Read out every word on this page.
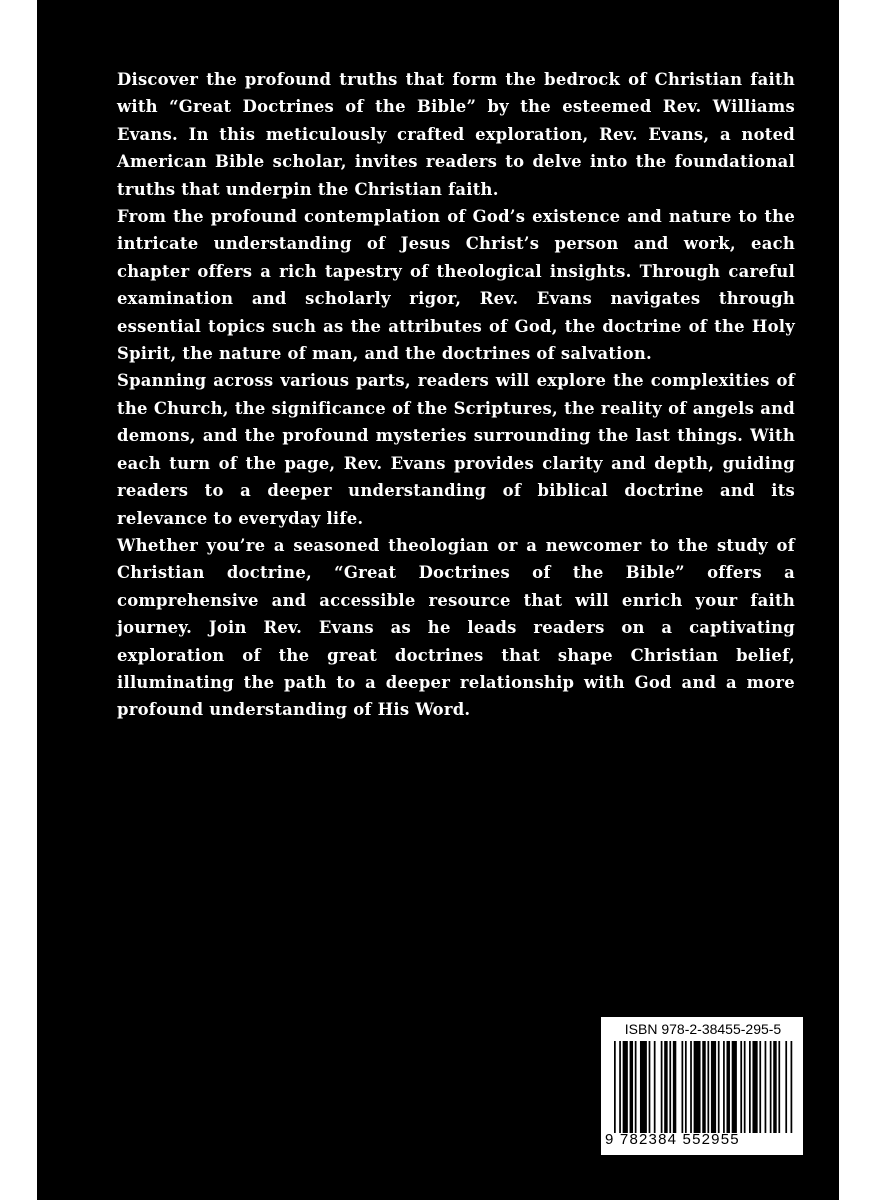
Discover the profound truths that form the bedrock of Christian faith with “Great Doctrines of the Bible” by the esteemed Rev. Williams Evans. In this meticulously crafted exploration, Rev. Evans, a noted American Bible scholar, invites readers to delve into the foundational truths that underpin the Christian faith.

From the profound contemplation of God’s existence and nature to the intricate understanding of Jesus Christ’s person and work, each chapter offers a rich tapestry of theological insights. Through careful examination and scholarly rigor, Rev. Evans navigates through essential topics such as the attributes of God, the doctrine of the Holy Spirit, the nature of man, and the doctrines of salvation.

Spanning across various parts, readers will explore the complexities of the Church, the significance of the Scriptures, the reality of angels and demons, and the profound mysteries surrounding the last things. With each turn of the page, Rev. Evans provides clarity and depth, guiding readers to a deeper understanding of biblical doctrine and its relevance to everyday life.

Whether you’re a seasoned theologian or a newcomer to the study of Christian doctrine, “Great Doctrines of the Bible” offers a comprehensive and accessible resource that will enrich your faith journey. Join Rev. Evans as he leads readers on a captivating exploration of the great doctrines that shape Christian belief, illuminating the path to a deeper relationship with God and a more profound understanding of His Word.

ISBN 978-2-38455-295-5
9 782384 552955
